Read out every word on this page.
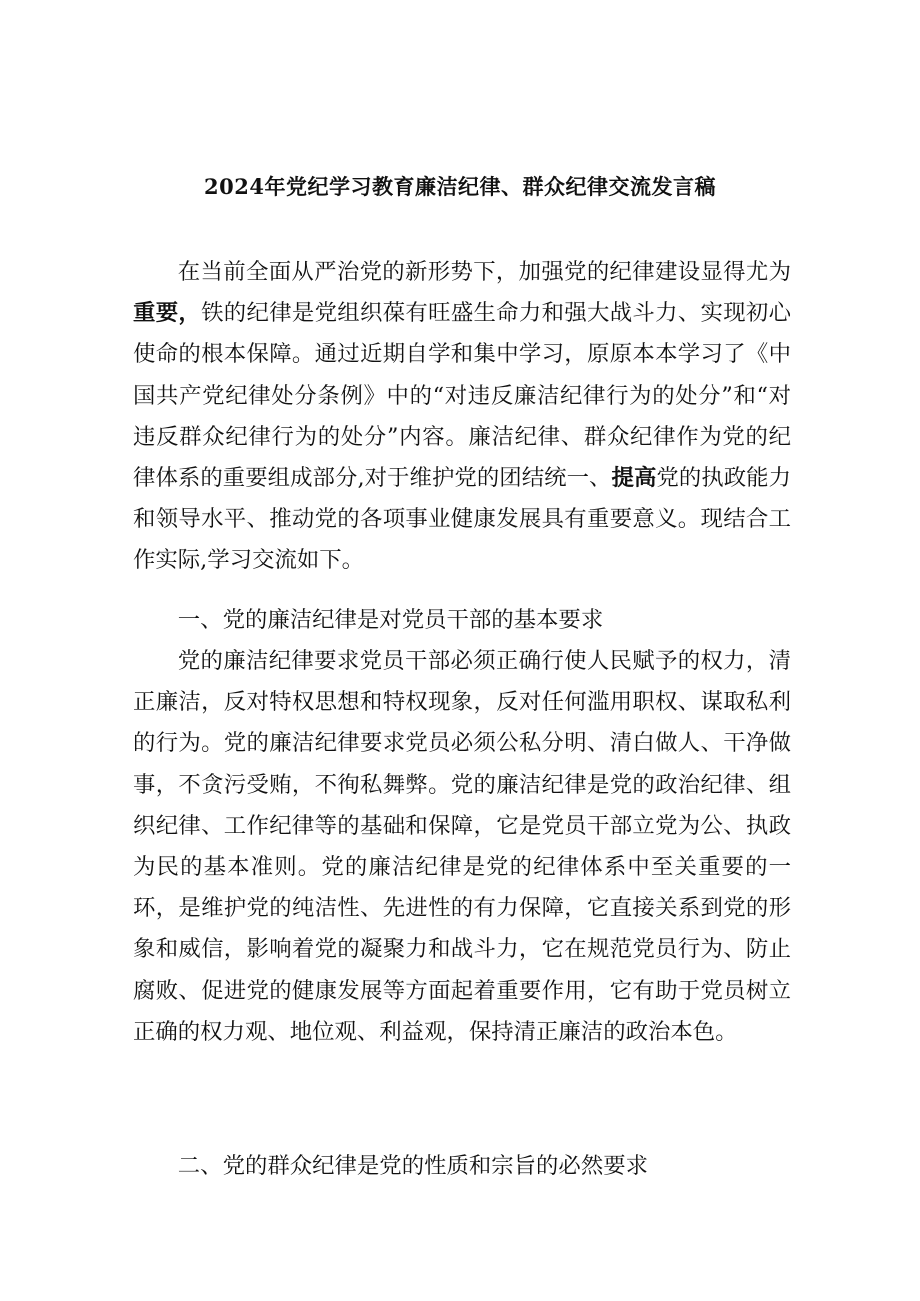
2024年党纪学习教育廉洁纪律、群众纪律交流发言稿

在当前全面从严治党的新形势下，加强党的纪律建设显得尤为重要，铁的纪律是党组织葆有旺盛生命力和强大战斗力、实现初心使命的根本保障。通过近期自学和集中学习，原原本本学习了《中国共产党纪律处分条例》中的“对违反廉洁纪律行为的处分”和“对违反群众纪律行为的处分”内容。廉洁纪律、群众纪律作为党的纪律体系的重要组成部分,对于维护党的团结统一、提高党的执政能力和领导水平、推动党的各项事业健康发展具有重要意义。现结合工作实际,学习交流如下。

一、党的廉洁纪律是对党员干部的基本要求

党的廉洁纪律要求党员干部必须正确行使人民赋予的权力，清正廉洁，反对特权思想和特权现象，反对任何滥用职权、谋取私利的行为。党的廉洁纪律要求党员必须公私分明、清白做人、干净做事，不贪污受贿，不徇私舞弊。党的廉洁纪律是党的政治纪律、组织纪律、工作纪律等的基础和保障，它是党员干部立党为公、执政为民的基本准则。党的廉洁纪律是党的纪律体系中至关重要的一环，是维护党的纯洁性、先进性的有力保障，它直接关系到党的形象和威信，影响着党的凝聚力和战斗力，它在规范党员行为、防止腐败、促进党的健康发展等方面起着重要作用，它有助于党员树立正确的权力观、地位观、利益观，保持清正廉洁的政治本色。

二、党的群众纪律是党的性质和宗旨的必然要求
